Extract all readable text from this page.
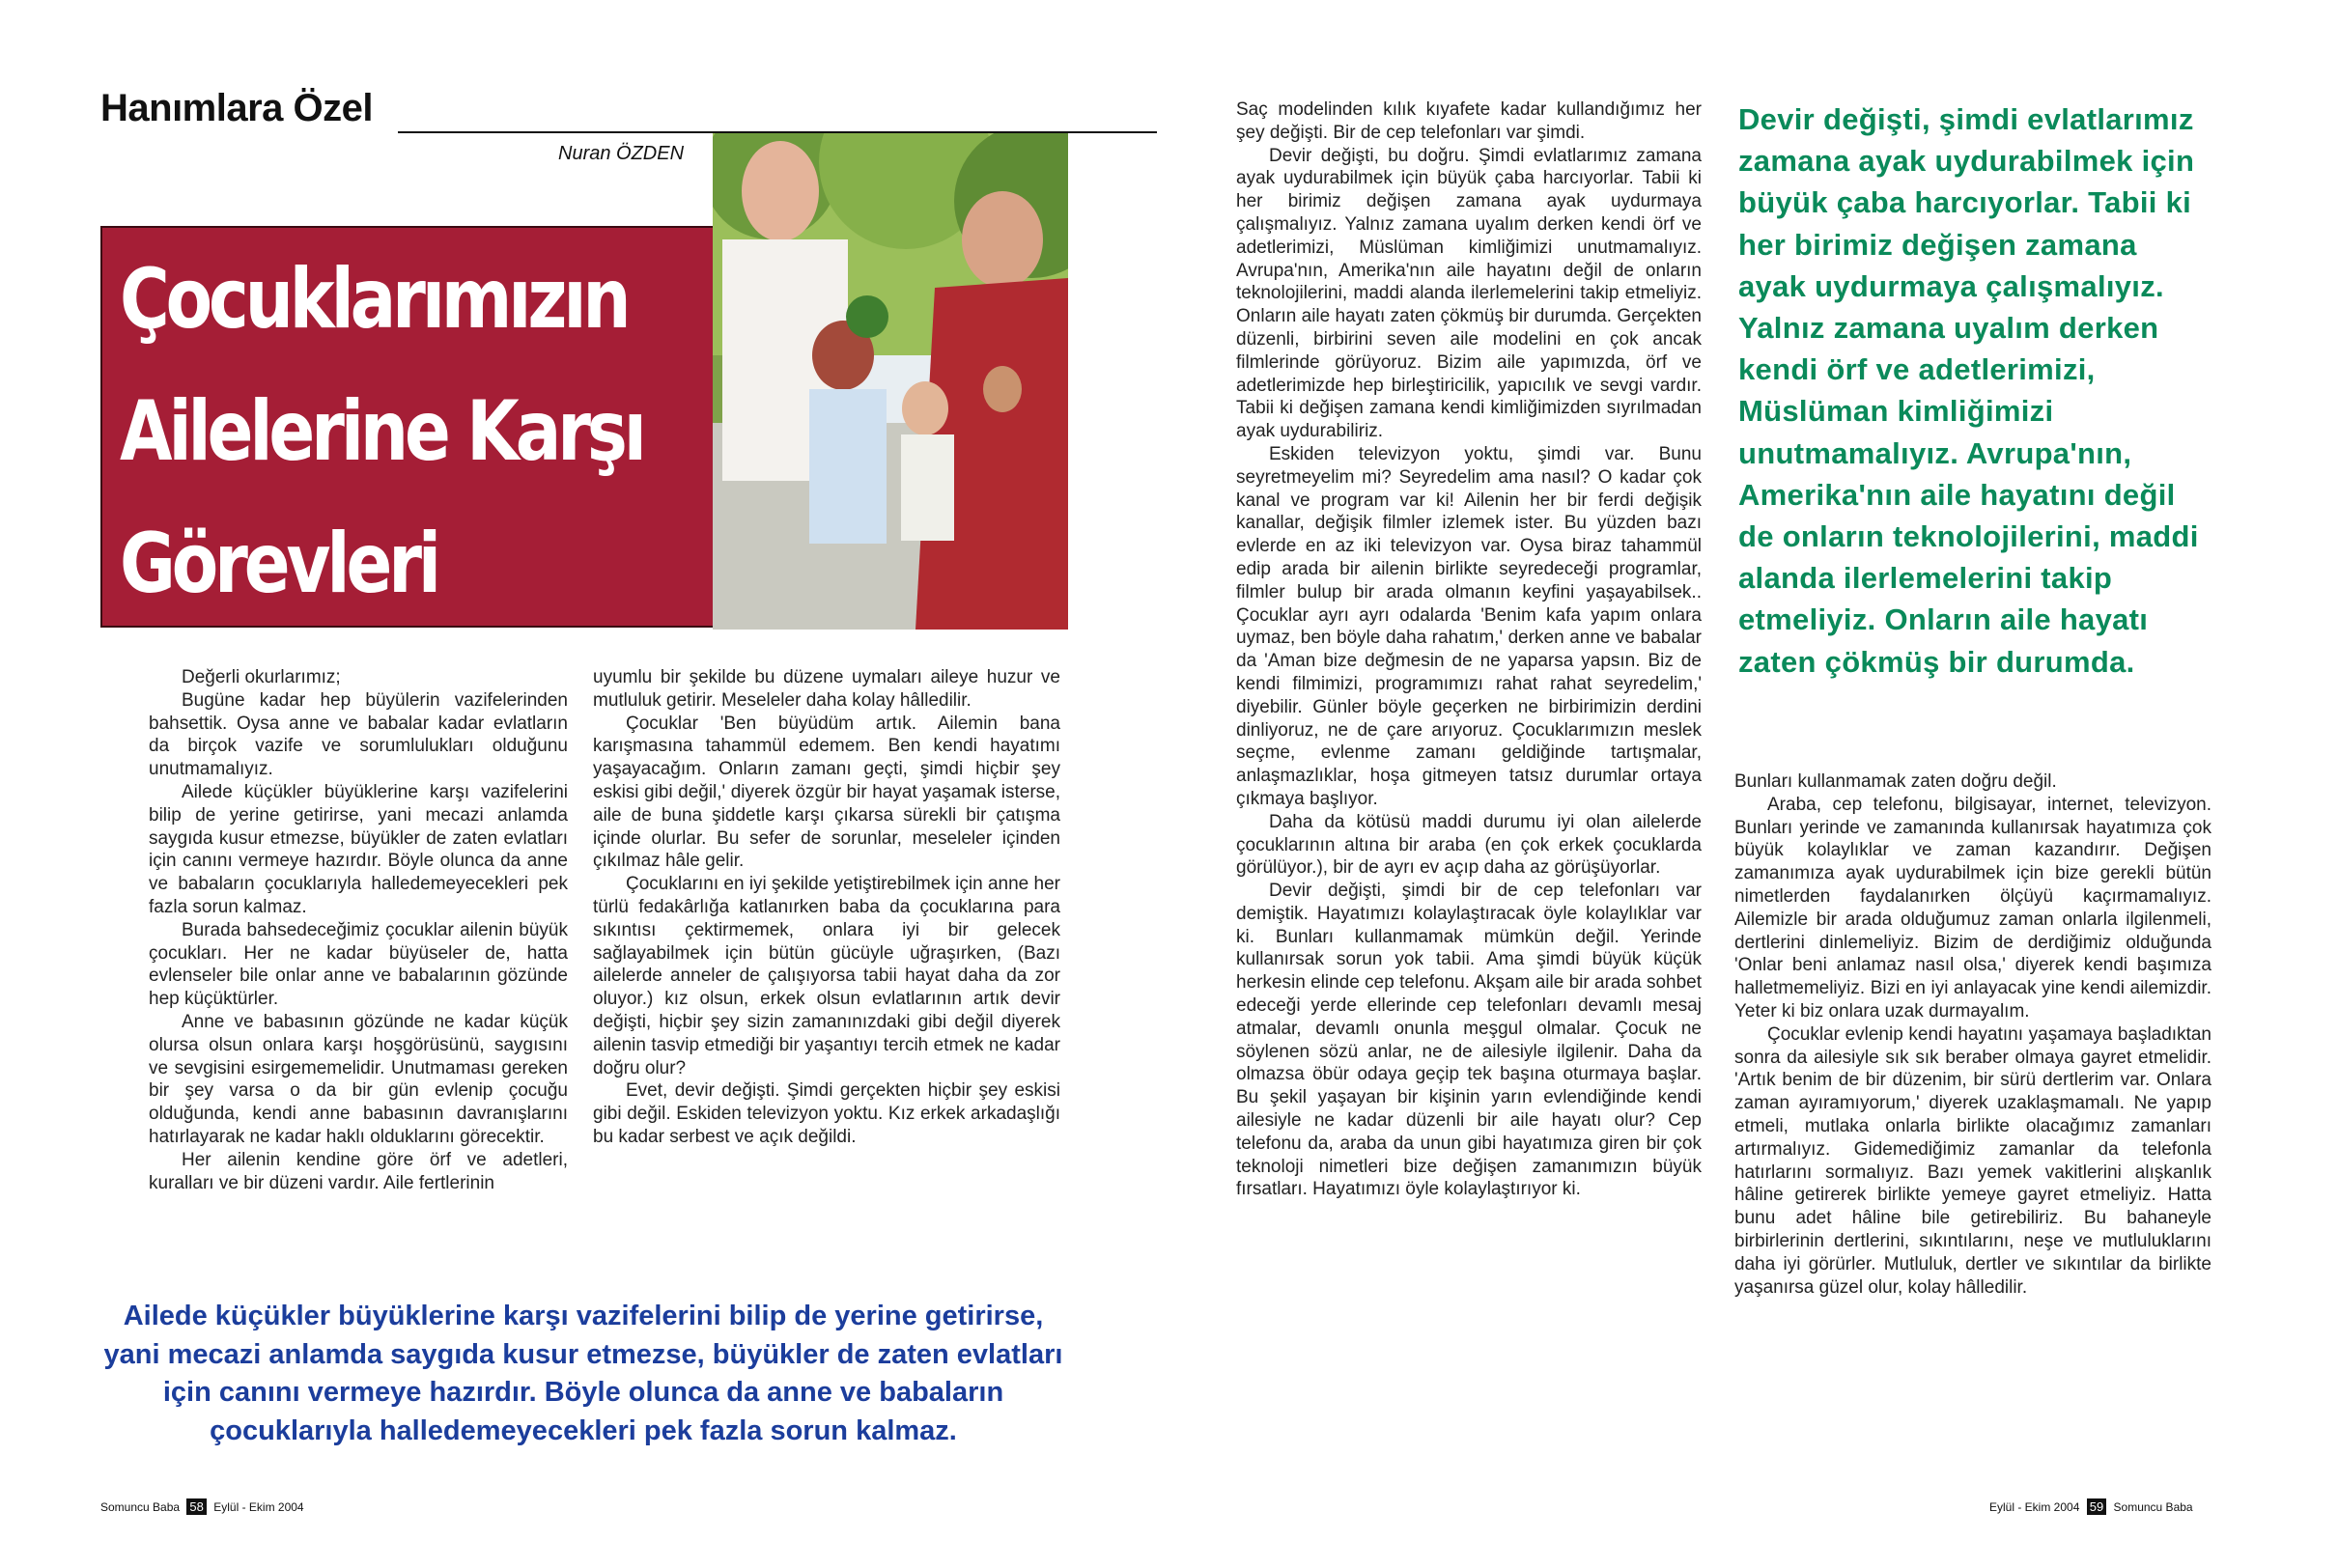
Hanımlara Özel
Nuran ÖZDEN
Çocuklarımızın
Ailelerine Karşı
Görevleri

Değerli okurlarımız;

Bugüne kadar hep büyülerin vazifelerinden bahsettik. Oysa anne ve babalar kadar evlatların da birçok vazife ve sorumlulukları olduğunu unutmamalıyız.

Ailede küçükler büyüklerine karşı vazifelerini bilip de yerine getirirse, yani mecazi anlamda saygıda kusur etmezse, büyükler de zaten evlatları için canını vermeye hazırdır. Böyle olunca da anne ve babaların çocuklarıyla halledemeyecekleri pek fazla sorun kalmaz.

Burada bahsedeceğimiz çocuklar ailenin büyük çocukları. Her ne kadar büyüseler de, hatta evlenseler bile onlar anne ve babalarının gözünde hep küçüktürler.

Anne ve babasının gözünde ne kadar küçük olursa olsun onlara karşı hoşgörüsünü, saygısını ve sevgisini esirgememelidir. Unutmaması gereken bir şey varsa o da bir gün evlenip çocuğu olduğunda, kendi anne babasının davranışlarını hatırlayarak ne kadar haklı olduklarını görecektir.

Her ailenin kendine göre örf ve adetleri, kuralları ve bir düzeni vardır. Aile fertlerinin

uyumlu bir şekilde bu düzene uymaları aileye huzur ve mutluluk getirir. Meseleler daha kolay hâlledilir.

Çocuklar 'Ben büyüdüm artık. Ailemin bana karışmasına tahammül edemem. Ben kendi hayatımı yaşayacağım. Onların zamanı geçti, şimdi hiçbir şey eskisi gibi değil,' diyerek özgür bir hayat yaşamak isterse, aile de buna şiddetle karşı çıkarsa sürekli bir çatışma içinde olurlar. Bu sefer de sorunlar, meseleler içinden çıkılmaz hâle gelir.

Çocuklarını en iyi şekilde yetiştirebilmek için anne her türlü fedakârlığa katlanırken baba da çocuklarına para sıkıntısı çektirmemek, onlara iyi bir gelecek sağlayabilmek için bütün gücüyle uğraşırken, (Bazı ailelerde anneler de çalışıyorsa tabii hayat daha da zor oluyor.) kız olsun, erkek olsun evlatlarının artık devir değişti, hiçbir şey sizin zamanınızdaki gibi değil diyerek ailenin tasvip etmediği bir yaşantıyı tercih etmek ne kadar doğru olur?

Evet, devir değişti. Şimdi gerçekten hiçbir şey eskisi gibi değil. Eskiden televizyon yoktu. Kız erkek arkadaşlığı bu kadar serbest ve açık değildi.

Ailede küçükler büyüklerine karşı vazifelerini bilip de yerine getirirse, yani mecazi anlamda saygıda kusur etmezse, büyükler de zaten evlatları için canını vermeye hazırdır. Böyle olunca da anne ve babaların çocuklarıyla halledemeyecekleri pek fazla sorun kalmaz.

Saç modelinden kılık kıyafete kadar kullandığımız her şey değişti. Bir de cep telefonları var şimdi.

Devir değişti, bu doğru. Şimdi evlatlarımız zamana ayak uydurabilmek için büyük çaba harcıyorlar. Tabii ki her birimiz değişen zamana ayak uydurmaya çalışmalıyız. Yalnız zamana uyalım derken kendi örf ve adetlerimizi, Müslüman kimliğimizi unutmamalıyız. Avrupa'nın, Amerika'nın aile hayatını değil de onların teknolojilerini, maddi alanda ilerlemelerini takip etmeliyiz. Onların aile hayatı zaten çökmüş bir durumda. Gerçekten düzenli, birbirini seven aile modelini en çok ancak filmlerinde görüyoruz. Bizim aile yapımızda, örf ve adetlerimizde hep birleştiricilik, yapıcılık ve sevgi vardır. Tabii ki değişen zamana kendi kimliğimizden sıyrılmadan ayak uydurabiliriz.

Eskiden televizyon yoktu, şimdi var. Bunu seyretmeyelim mi? Seyredelim ama nasıl? O kadar çok kanal ve program var ki! Ailenin her bir ferdi değişik kanallar, değişik filmler izlemek ister. Bu yüzden bazı evlerde en az iki televizyon var. Oysa biraz tahammül edip arada bir ailenin birlikte seyredeceği programlar, filmler bulup bir arada olmanın keyfini yaşayabilsek.. Çocuklar ayrı ayrı odalarda 'Benim kafa yapım onlara uymaz, ben böyle daha rahatım,' derken anne ve babalar da 'Aman bize değmesin de ne yaparsa yapsın. Biz de kendi filmimizi, programımızı rahat rahat seyredelim,' diyebilir. Günler böyle geçerken ne birbirimizin derdini dinliyoruz, ne de çare arıyoruz. Çocuklarımızın meslek seçme, evlenme zamanı geldiğinde tartışmalar, anlaşmazlıklar, hoşa gitmeyen tatsız durumlar ortaya çıkmaya başlıyor.

Daha da kötüsü maddi durumu iyi olan ailelerde çocuklarının altına bir araba (en çok erkek çocuklarda görülüyor.), bir de ayrı ev açıp daha az görüşüyorlar.

Devir değişti, şimdi bir de cep telefonları var demiştik. Hayatımızı kolaylaştıracak öyle kolaylıklar var ki. Bunları kullanmamak mümkün değil. Yerinde kullanırsak sorun yok tabii. Ama şimdi büyük küçük herkesin elinde cep telefonu. Akşam aile bir arada sohbet edeceği yerde ellerinde cep telefonları devamlı mesaj atmalar, devamlı onunla meşgul olmalar. Çocuk ne söylenen sözü anlar, ne de ailesiyle ilgilenir. Daha da olmazsa öbür odaya geçip tek başına oturmaya başlar. Bu şekil yaşayan bir kişinin yarın evlendiğinde kendi ailesiyle ne kadar düzenli bir aile hayatı olur? Cep telefonu da, araba da unun gibi hayatımıza giren bir çok teknoloji nimetleri bize değişen zamanımızın büyük fırsatları. Hayatımızı öyle kolaylaştırıyor ki.

Devir değişti, şimdi evlatlarımız zamana ayak uydurabilmek için büyük çaba harcıyorlar. Tabii ki her birimiz değişen zamana ayak uydurmaya çalışmalıyız. Yalnız zamana uyalım derken kendi örf ve adetlerimizi, Müslüman kimliğimizi unutmamalıyız. Avrupa'nın, Amerika'nın aile hayatını değil de onların teknolojilerini, maddi alanda ilerlemelerini takip etmeliyiz. Onların aile hayatı zaten çökmüş bir durumda.

Bunları kullanmamak zaten doğru değil.

Araba, cep telefonu, bilgisayar, internet, televizyon. Bunları yerinde ve zamanında kullanırsak hayatımıza çok büyük kolaylıklar ve zaman kazandırır. Değişen zamanımıza ayak uydurabilmek için bize gerekli bütün nimetlerden faydalanırken ölçüyü kaçırmamalıyız. Ailemizle bir arada olduğumuz zaman onlarla ilgilenmeli, dertlerini dinlemeliyiz. Bizim de derdiğimiz olduğunda 'Onlar beni anlamaz nasıl olsa,' diyerek kendi başımıza halletmemeliyiz. Bizi en iyi anlayacak yine kendi ailemizdir. Yeter ki biz onlara uzak durmayalım.

Çocuklar evlenip kendi hayatını yaşamaya başladıktan sonra da ailesiyle sık sık beraber olmaya gayret etmelidir. 'Artık benim de bir düzenim, bir sürü dertlerim var. Onlara zaman ayıramıyorum,' diyerek uzaklaşmamalı. Ne yapıp etmeli, mutlaka onlarla birlikte olacağımız zamanları artırmalıyız. Gidemediğimiz zamanlar da telefonla hatırlarını sormalıyız. Bazı yemek vakitlerini alışkanlık hâline getirerek birlikte yemeye gayret etmeliyiz. Hatta bunu adet hâline bile getirebiliriz. Bu bahaneyle birbirlerinin dertlerini, sıkıntılarını, neşe ve mutluluklarını daha iyi görürler. Mutluluk, dertler ve sıkıntılar da birlikte yaşanırsa güzel olur, kolay hâlledilir.

Somuncu Baba 58 Eylül - Ekim 2004	Eylül - Ekim 2004 59 Somuncu Baba
